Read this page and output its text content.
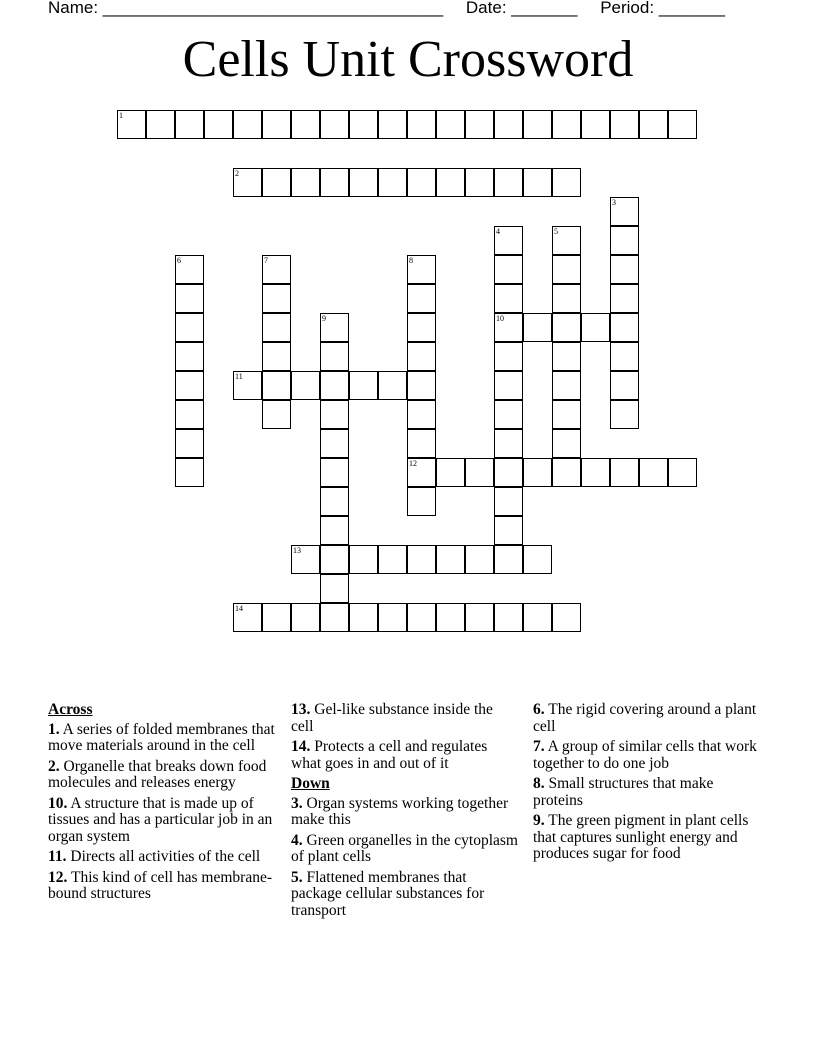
Name: ____________________________________ Date: _______ Period: _______
Cells Unit Crossword
1
2
3
4
10
5
6	7	8
12
9
11
13
14
Across
1. A series of folded membranes that move materials around in the cell
2. Organelle that breaks down food molecules and releases energy
10. A structure that is made up of tissues and has a particular job in an organ system
11. Directs all activities of the cell
12. This kind of cell has membrane-bound structures
13. Gel-like substance inside the cell
14. Protects a cell and regulates what goes in and out of it
Down
3. Organ systems working together make this
4. Green organelles in the cytoplasm of plant cells
5. Flattened membranes that package cellular substances for transport
6. The rigid covering around a plant cell
7. A group of similar cells that work together to do one job
8. Small structures that make proteins
9. The green pigment in plant cells that captures sunlight energy and produces sugar for food
